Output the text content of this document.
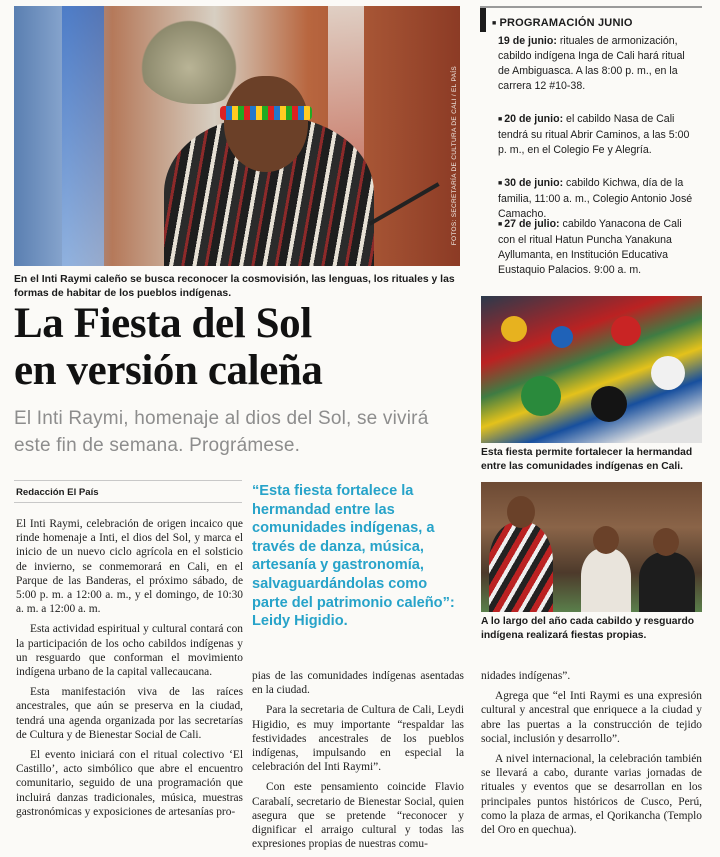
FOTOS: SECRETARÍA DE CULTURA DE CALI / EL PAÍS
■ PROGRAMACIÓN JUNIO
19 de junio: rituales de armonización, cabildo indígena Inga de Cali hará ritual de Ambiguasca. A las 8:00 p. m., en la carrera 12 #10-38.
■ 20 de junio: el cabildo Nasa de Cali tendrá su ritual Abrir Caminos, a las 5:00 p. m., en el Colegio Fe y Alegría.
■ 30 de junio: cabildo Kichwa, día de la familia, 11:00 a. m., Colegio Antonio José Camacho.
■ 27 de julio: cabildo Yanacona de Cali con el ritual Hatun Puncha Yanakuna Ayllumanta, en Institución Educativa Eustaquio Palacios. 9:00 a. m.
En el Inti Raymi caleño se busca reconocer la cosmovisión, las lenguas, los rituales y las formas de habitar de los pueblos indígenas.
La Fiesta del Sol
en versión caleña
El Inti Raymi, homenaje al dios del Sol, se vivirá este fin de semana. Prográmese.	Esta fiesta permite fortalecer la hermandad entre las comunidades indígenas en Cali.
A lo largo del año cada cabildo y resguardo indígena realizará fiestas propias.
Redacción El País	“Esta fiesta fortalece la hermandad entre las comunidades indígenas, a través de danza, música, artesanía y gastronomía, salvaguardándolas como parte del patrimonio caleño”: Leidy Higidio.

El Inti Raymi, celebración de origen incaico que rinde homenaje a Inti, el dios del Sol, y marca el inicio de un nuevo ciclo agrícola en el solsticio de invierno, se conmemorará en Cali, en el Parque de las Banderas, el próximo sábado, de 5:00 p. m. a 12:00 a. m., y el domingo, de 10:30 a. m. a 12:00 a. m.

Esta actividad espiritual y cultural contará con la participación de los ocho cabildos indígenas y un resguardo que conforman el movimiento indígena urbano de la capital vallecaucana.

Esta manifestación viva de las raíces ancestrales, que aún se preserva en la ciudad, tendrá una agenda organizada por las secretarías de Cultura y de Bienestar Social de Cali.

El evento iniciará con el ritual colectivo ‘El Castillo’, acto simbólico que abre el encuentro comunitario, seguido de una programación que incluirá danzas tradicionales, música, muestras gastronómicas y exposiciones de artesanías pro-

pias de las comunidades indígenas asentadas en la ciudad.

Para la secretaria de Cultura de Cali, Leydi Higidio, es muy importante “respaldar las festividades ancestrales de los pueblos indígenas, impulsando en especial la celebración del Inti Raymi”.

Con este pensamiento coincide Flavio Carabalí, secretario de Bienestar Social, quien asegura que se pretende “reconocer y dignificar el arraigo cultural y todas las expresiones propias de nuestras comu-

nidades indígenas”.

Agrega que “el Inti Raymi es una expresión cultural y ancestral que enriquece a la ciudad y abre las puertas a la construcción de tejido social, inclusión y desarrollo”.

A nivel internacional, la celebración también se llevará a cabo, durante varias jornadas de rituales y eventos que se desarrollan en los principales puntos históricos de Cusco, Perú, como la plaza de armas, el Qorikancha (Templo del Oro en quechua).
